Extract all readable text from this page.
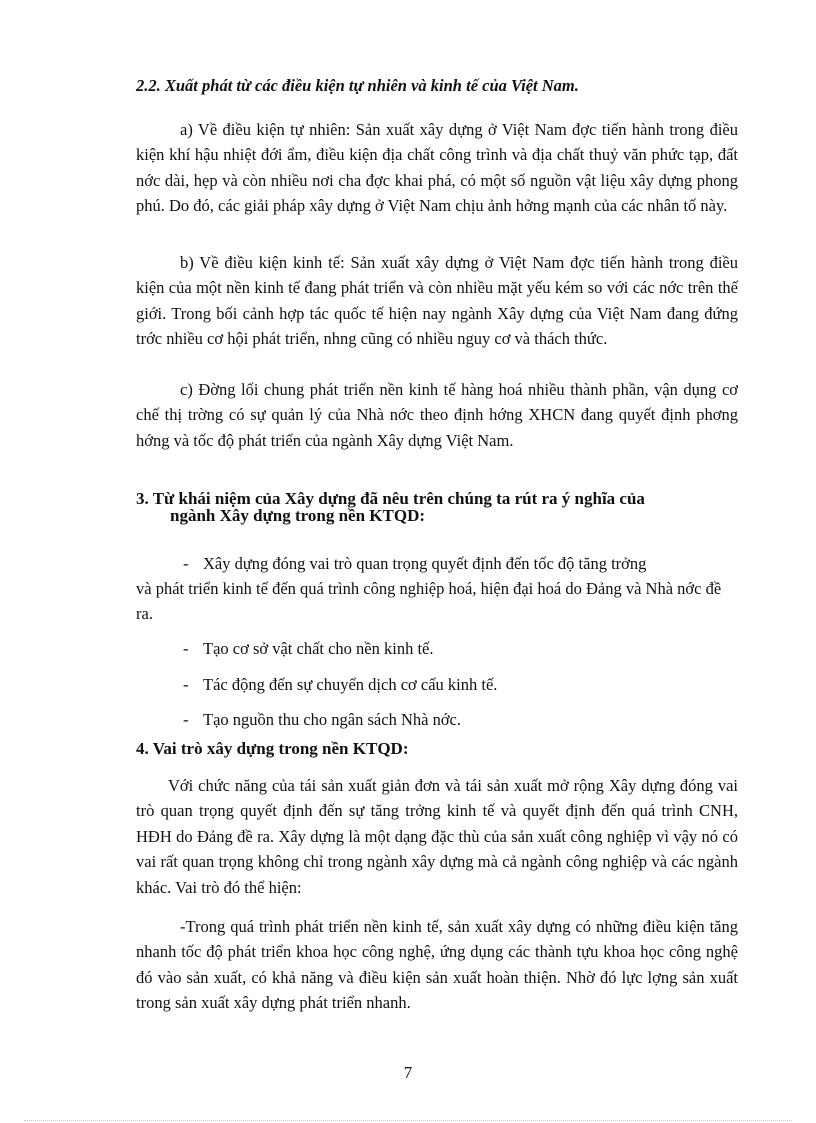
2.2. Xuất phát từ các điều kiện tự nhiên và kinh tế của Việt Nam.
a) Về điều kiện tự nhiên: Sản xuất xây dựng ở Việt Nam đợc tiến hành trong điều kiện khí hậu nhiệt đới ẩm, điều kiện địa chất công trình và địa chất thuỷ văn phức tạp, đất nớc dài, hẹp và còn nhiều nơi cha đợc khai phá, có một số nguồn vật liệu xây dựng phong phú. Do đó, các giải pháp xây dựng ở Việt Nam chịu ảnh hởng mạnh của các nhân tố này.
b) Về điều kiện kinh tế: Sản xuất xây dựng ở Việt Nam đợc tiến hành trong điều kiện của một nền kinh tế đang phát triển và còn nhiều mặt yếu kém so với các nớc trên thế giới. Trong bối cảnh hợp tác quốc tế hiện nay ngành Xây dựng của Việt Nam đang đứng trớc nhiều cơ hội phát triển, nhng cũng có nhiều nguy cơ và thách thức.
c) Đờng lối chung phát triển nền kinh tế hàng hoá nhiều thành phần, vận dụng cơ chế thị trờng có sự quản lý của Nhà nớc theo định hớng XHCN đang quyết định phơng hớng và tốc độ phát triển của ngành Xây dựng Việt Nam.
3. Từ khái niệm của Xây dựng đã nêu trên chúng ta rút ra ý nghĩa của
ngành Xây dựng trong nền KTQD:
- Xây dựng đóng vai trò quan trọng quyết định đến tốc độ tăng trởng
và phát triển kinh tế đến quá trình công nghiệp hoá, hiện đại hoá do Đảng và Nhà nớc đề ra.
- Tạo cơ sở vật chất cho nền kinh tế.
- Tác động đến sự chuyển dịch cơ cấu kinh tế.
- Tạo nguồn thu cho ngân sách Nhà nớc.
4. Vai trò xây dựng trong nền KTQD:
Với chức năng của tái sản xuất giản đơn và tái sản xuất mở rộng Xây dựng đóng vai trò quan trọng quyết định đến sự tăng trởng kinh tế và quyết định đến quá trình CNH, HĐH do Đảng đề ra. Xây dựng là một dạng đặc thù của sản xuất công nghiệp vì vậy nó có vai rất quan trọng không chỉ trong ngành xây dựng mà cả ngành công nghiệp và các ngành khác. Vai trò đó thể hiện:
-Trong quá trình phát triển nền kinh tế, sản xuất xây dựng có những điều kiện tăng nhanh tốc độ phát triển khoa học công nghệ, ứng dụng các thành tựu khoa học công nghệ đó vào sản xuất, có khả năng và điều kiện sản xuất hoàn thiện. Nhờ đó lực lợng sản xuất trong sản xuất xây dựng phát triển nhanh.
7
